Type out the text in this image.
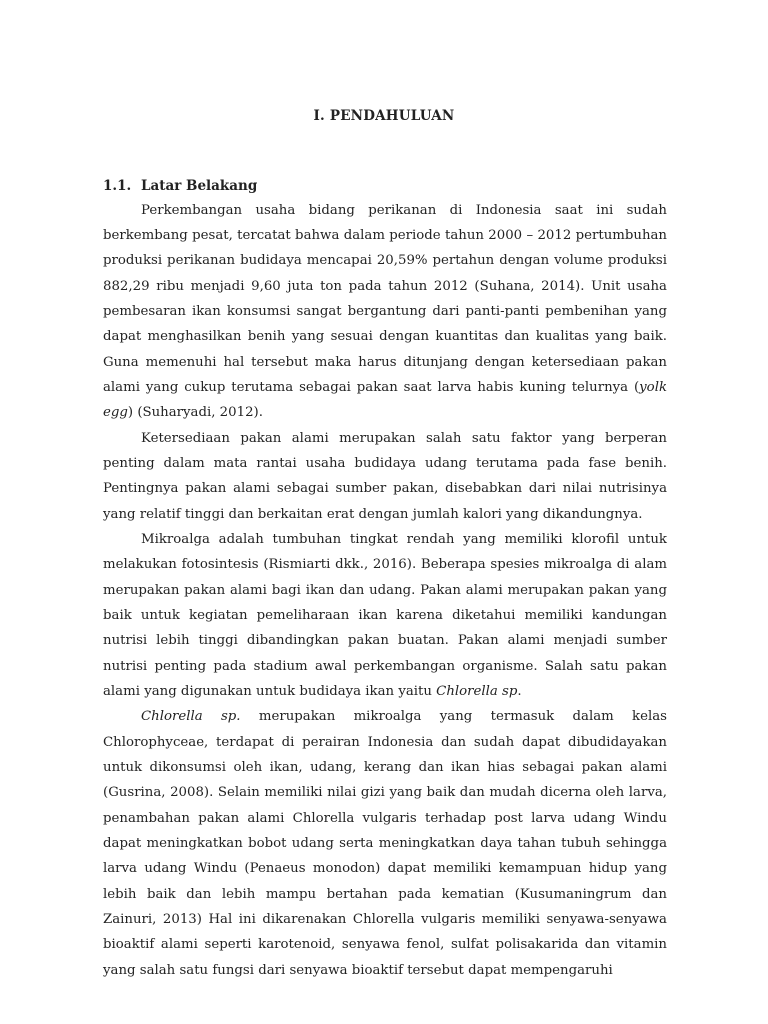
I. PENDAHULUAN
1.1. Latar Belakang

Perkembangan usaha bidang perikanan di Indonesia saat ini sudah berkembang pesat, tercatat bahwa dalam periode tahun 2000 – 2012 pertumbuhan produksi perikanan budidaya mencapai 20,59% pertahun dengan volume produksi 882,29 ribu menjadi 9,60 juta ton pada tahun 2012 (Suhana, 2014). Unit usaha pembesaran ikan konsumsi sangat bergantung dari panti-panti pembenihan yang dapat menghasilkan benih yang sesuai dengan kuantitas dan kualitas yang baik. Guna memenuhi hal tersebut maka harus ditunjang dengan ketersediaan pakan alami yang cukup terutama sebagai pakan saat larva habis kuning telurnya (yolk egg) (Suharyadi, 2012).

Ketersediaan pakan alami merupakan salah satu faktor yang berperan penting dalam mata rantai usaha budidaya udang terutama pada fase benih. Pentingnya pakan alami sebagai sumber pakan, disebabkan dari nilai nutrisinya yang relatif tinggi dan berkaitan erat dengan jumlah kalori yang dikandungnya.

Mikroalga adalah tumbuhan tingkat rendah yang memiliki klorofil untuk melakukan fotosintesis (Rismiarti dkk., 2016). Beberapa spesies mikroalga di alam merupakan pakan alami bagi ikan dan udang. Pakan alami merupakan pakan yang baik untuk kegiatan pemeliharaan ikan karena diketahui memiliki kandungan nutrisi lebih tinggi dibandingkan pakan buatan. Pakan alami menjadi sumber nutrisi penting pada stadium awal perkembangan organisme. Salah satu pakan alami yang digunakan untuk budidaya ikan yaitu Chlorella sp.

Chlorella sp. merupakan mikroalga yang termasuk dalam kelas Chlorophyceae, terdapat di perairan Indonesia dan sudah dapat dibudidayakan untuk dikonsumsi oleh ikan, udang, kerang dan ikan hias sebagai pakan alami (Gusrina, 2008). Selain memiliki nilai gizi yang baik dan mudah dicerna oleh larva, penambahan pakan alami Chlorella vulgaris terhadap post larva udang Windu dapat meningkatkan bobot udang serta meningkatkan daya tahan tubuh sehingga larva udang Windu (Penaeus monodon) dapat memiliki kemampuan hidup yang lebih baik dan lebih mampu bertahan pada kematian (Kusumaningrum dan Zainuri, 2013) Hal ini dikarenakan Chlorella vulgaris memiliki senyawa-senyawa bioaktif alami seperti karotenoid, senyawa fenol, sulfat polisakarida dan vitamin yang salah satu fungsi dari senyawa bioaktif tersebut dapat mempengaruhi
